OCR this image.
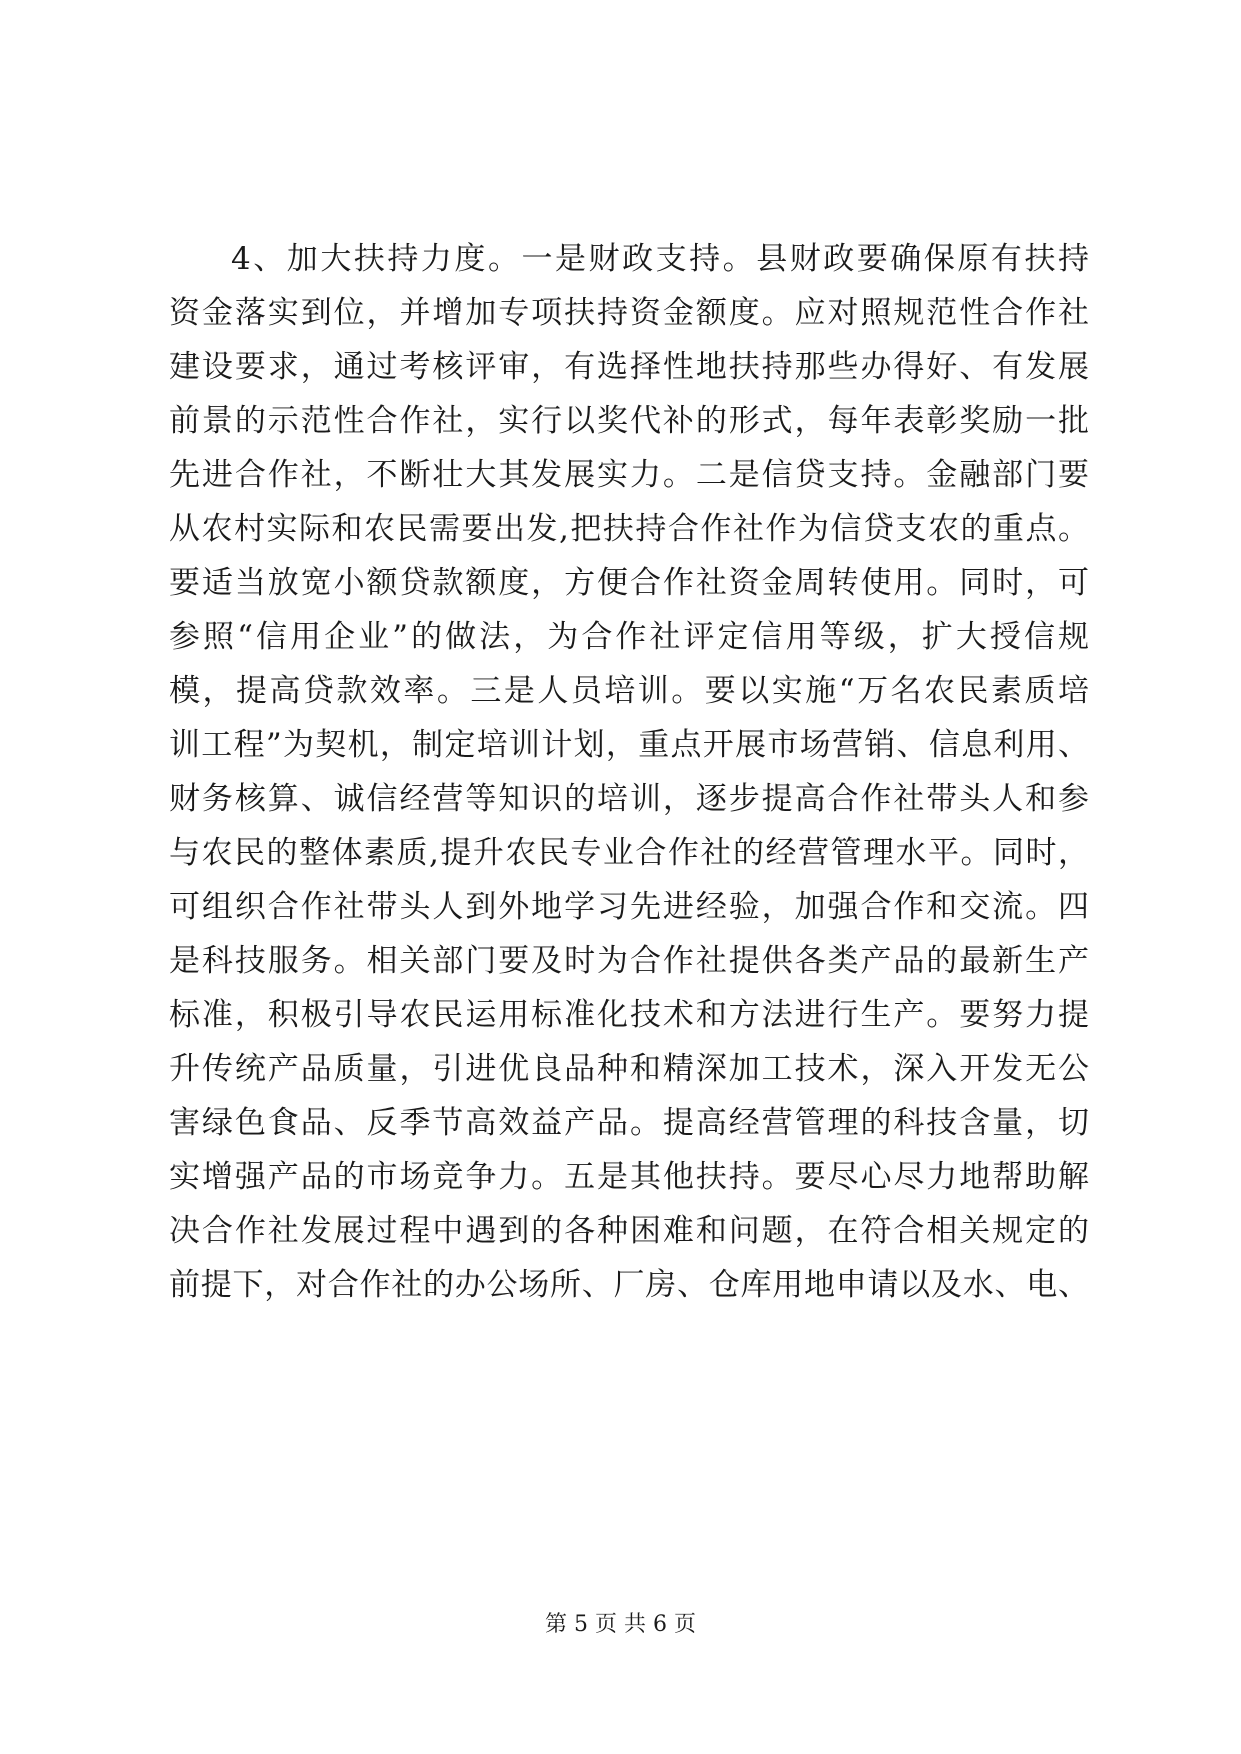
4、加大扶持力度。一是财政支持。县财政要确保原有扶持
资金落实到位，并增加专项扶持资金额度。应对照规范性合作社
建设要求，通过考核评审，有选择性地扶持那些办得好、有发展
前景的示范性合作社，实行以奖代补的形式，每年表彰奖励一批
先进合作社，不断壮大其发展实力。二是信贷支持。金融部门要
从农村实际和农民需要出发,把扶持合作社作为信贷支农的重点。
要适当放宽小额贷款额度，方便合作社资金周转使用。同时，可
参照“信用企业”的做法，为合作社评定信用等级，扩大授信规
模，提高贷款效率。三是人员培训。要以实施“万名农民素质培
训工程”为契机，制定培训计划，重点开展市场营销、信息利用、
财务核算、诚信经营等知识的培训，逐步提高合作社带头人和参
与农民的整体素质,提升农民专业合作社的经营管理水平。同时，
可组织合作社带头人到外地学习先进经验，加强合作和交流。四
是科技服务。相关部门要及时为合作社提供各类产品的最新生产
标准，积极引导农民运用标准化技术和方法进行生产。要努力提
升传统产品质量，引进优良品种和精深加工技术，深入开发无公
害绿色食品、反季节高效益产品。提高经营管理的科技含量，切
实增强产品的市场竞争力。五是其他扶持。要尽心尽力地帮助解
决合作社发展过程中遇到的各种困难和问题，在符合相关规定的
前提下，对合作社的办公场所、厂房、仓库用地申请以及水、电、
第 5 页 共 6 页
